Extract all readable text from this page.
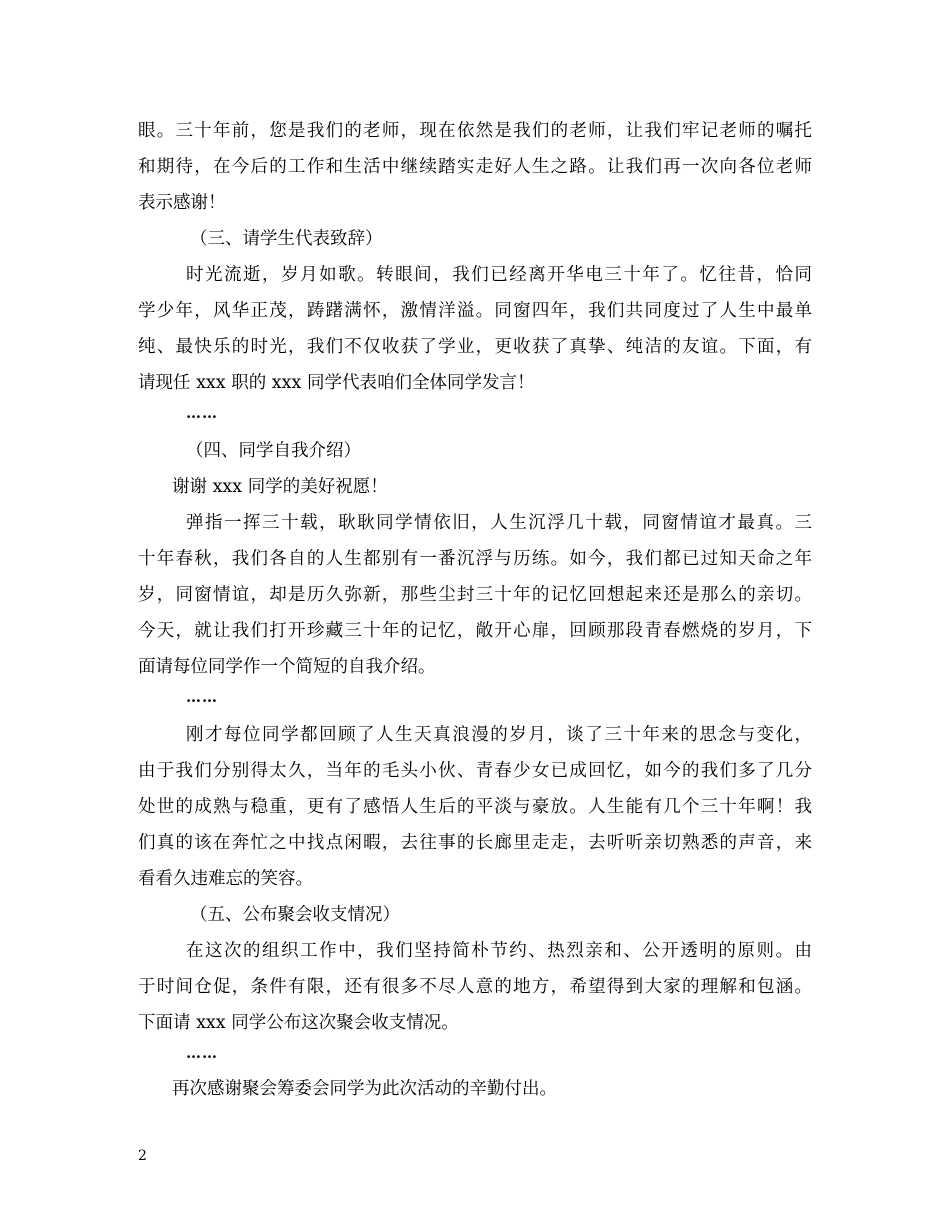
眼。三十年前，您是我们的老师，现在依然是我们的老师，让我们牢记老师的嘱托
和期待，在今后的工作和生活中继续踏实走好人生之路。让我们再一次向各位老师
表示感谢！
（三、请学生代表致辞）
时光流逝，岁月如歌。转眼间，我们已经离开华电三十年了。忆往昔，恰同
学少年，风华正茂，踌躇满怀，激情洋溢。同窗四年，我们共同度过了人生中最单
纯、最快乐的时光，我们不仅收获了学业，更收获了真挚、纯洁的友谊。下面，有
请现任 xxx 职的 xxx 同学代表咱们全体同学发言！
……
（四、同学自我介绍）
谢谢 xxx 同学的美好祝愿！
弹指一挥三十载，耿耿同学情依旧，人生沉浮几十载，同窗情谊才最真。三
十年春秋，我们各自的人生都别有一番沉浮与历练。如今，我们都已过知天命之年
岁，同窗情谊，却是历久弥新，那些尘封三十年的记忆回想起来还是那么的亲切。
今天，就让我们打开珍藏三十年的记忆，敞开心扉，回顾那段青春燃烧的岁月，下
面请每位同学作一个简短的自我介绍。
……
刚才每位同学都回顾了人生天真浪漫的岁月，谈了三十年来的思念与变化，
由于我们分别得太久，当年的毛头小伙、青春少女已成回忆，如今的我们多了几分
处世的成熟与稳重，更有了感悟人生后的平淡与豪放。人生能有几个三十年啊！我
们真的该在奔忙之中找点闲暇，去往事的长廊里走走，去听听亲切熟悉的声音，来
看看久违难忘的笑容。
（五、公布聚会收支情况）
在这次的组织工作中，我们坚持简朴节约、热烈亲和、公开透明的原则。由
于时间仓促，条件有限，还有很多不尽人意的地方，希望得到大家的理解和包涵。
下面请 xxx 同学公布这次聚会收支情况。
……
再次感谢聚会筹委会同学为此次活动的辛勤付出。
2
